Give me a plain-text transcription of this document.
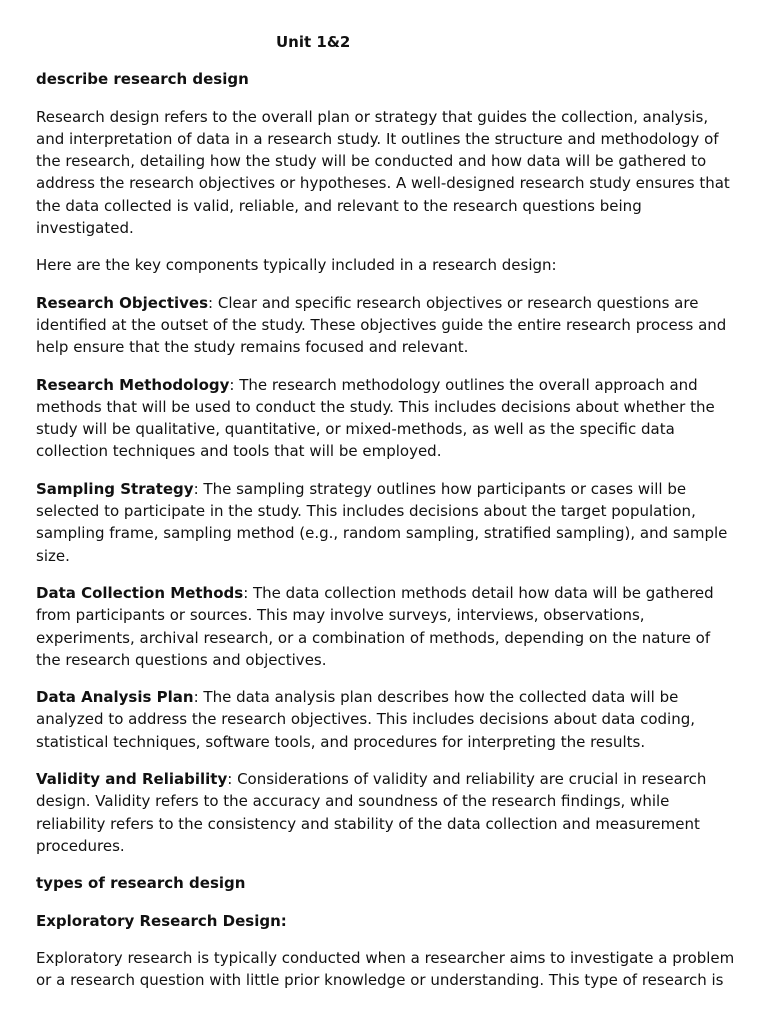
Unit 1&2
describe research design
Research design refers to the overall plan or strategy that guides the collection, analysis, and interpretation of data in a research study. It outlines the structure and methodology of the research, detailing how the study will be conducted and how data will be gathered to address the research objectives or hypotheses. A well-designed research study ensures that the data collected is valid, reliable, and relevant to the research questions being investigated.
Here are the key components typically included in a research design:
Research Objectives: Clear and specific research objectives or research questions are identified at the outset of the study. These objectives guide the entire research process and help ensure that the study remains focused and relevant.
Research Methodology: The research methodology outlines the overall approach and methods that will be used to conduct the study. This includes decisions about whether the study will be qualitative, quantitative, or mixed-methods, as well as the specific data collection techniques and tools that will be employed.
Sampling Strategy: The sampling strategy outlines how participants or cases will be selected to participate in the study. This includes decisions about the target population, sampling frame, sampling method (e.g., random sampling, stratified sampling), and sample size.
Data Collection Methods: The data collection methods detail how data will be gathered from participants or sources. This may involve surveys, interviews, observations, experiments, archival research, or a combination of methods, depending on the nature of the research questions and objectives.
Data Analysis Plan: The data analysis plan describes how the collected data will be analyzed to address the research objectives. This includes decisions about data coding, statistical techniques, software tools, and procedures for interpreting the results.
Validity and Reliability: Considerations of validity and reliability are crucial in research design. Validity refers to the accuracy and soundness of the research findings, while reliability refers to the consistency and stability of the data collection and measurement procedures.
types of research design
Exploratory Research Design:
Exploratory research is typically conducted when a researcher aims to investigate a problem or a research question with little prior knowledge or understanding. This type of research is
